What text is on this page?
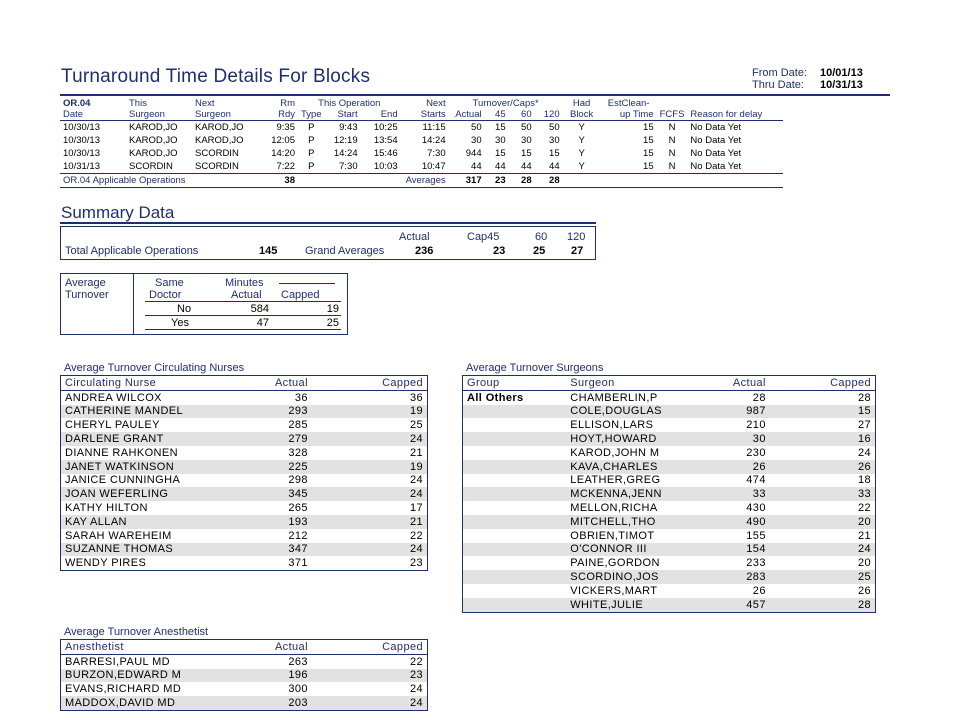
Turnaround Time Details For Blocks	From Date: 10/01/13
Thru Date: 10/31/13
OR.04	This	Next	Rm	This Operation			Next	Turnover/Caps*				Had	EstClean-		
Date	Surgeon	Surgeon	Rdy	Type	Start	End	Starts	Actual	45	60	120	Block	up Time	FCFS	Reason for delay
10/30/13	KAROD,JO	KAROD,JO	9:35	P	9:43	10:25	11:15	50	15	50	50	Y	15	N	No Data Yet
10/30/13	KAROD,JO	KAROD,JO	12:05	P	12:19	13:54	14:24	30	30	30	30	Y	15	N	No Data Yet
10/30/13	KAROD,JO	SCORDIN	14:20	P	14:24	15:46	7:30	944	15	15	15	Y	15	N	No Data Yet
10/31/13	SCORDIN	SCORDIN	7:22	P	7:30	10:03	10:47	44	44	44	44	Y	15	N	No Data Yet
OR.04 Applicable Operations			38	Averages				317	23	28	28				
Summary Data
Actual	Cap45	60 120
Total Applicable Operations	145	Grand Averages	236	23	25 27
Average
Turnover
Same
Doctor
Minutes
Actual Capped
No	584	19
Yes	47	25
Average Turnover Circulating Nurses
Circulating Nurse	Actual	Capped
ANDREA WILCOX	36	36
CATHERINE MANDEL	293	19
CHERYL PAULEY	285	25
DARLENE GRANT	279	24
DIANNE RAHKONEN	328	21
JANET WATKINSON	225	19
JANICE CUNNINGHA	298	24
JOAN WEFERLING	345	24
KATHY HILTON	265	17
KAY ALLAN	193	21
SARAH WAREHEIM	212	22
SUZANNE THOMAS	347	24
WENDY PIRES	371	23
Average Turnover Surgeons
Group	Surgeon	Actual	Capped
All Others	CHAMBERLIN,P	28	28
	COLE,DOUGLAS	987	15
	ELLISON,LARS	210	27
	HOYT,HOWARD	30	16
	KAROD,JOHN M	230	24
	KAVA,CHARLES	26	26
	LEATHER,GREG	474	18
	MCKENNA,JENN	33	33
	MELLON,RICHA	430	22
	MITCHELL,THO	490	20
	OBRIEN,TIMOT	155	21
	O'CONNOR III	154	24
	PAINE,GORDON	233	20
	SCORDINO,JOS	283	25
	VICKERS,MART	26	26
	WHITE,JULIE	457	28
Average Turnover Anesthetist
Anesthetist	Actual	Capped
BARRESI,PAUL MD	263	22
BURZON,EDWARD M	196	23
EVANS,RICHARD MD	300	24
MADDOX,DAVID MD	203	24
